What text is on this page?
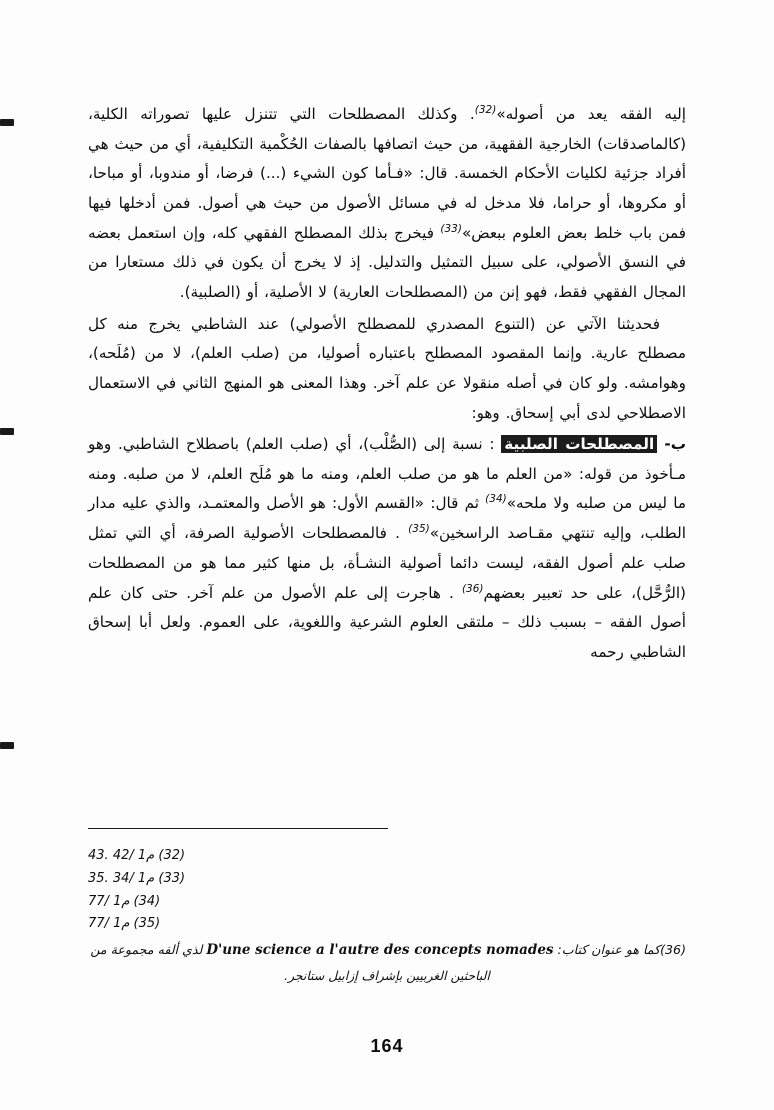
إليه الفقه يعد من أصوله»$^{(32)}$. وكذلك المصطلحات التي تتنزل عليها تصوراته الكلية، (كالماصدقات) الخارجية الفقهية، من حيث اتصافها بالصفات الحُكْمية التكليفية، أي من حيث هي أفراد جزئية لكليات الأحكام الخمسة. قال: «فـأما كون الشيء (...) فرضا، أو مندوبا، أو مباحا، أو مكروها، أو حراما، فلا مدخل له في مسائل الأصول من حيث هي أصول. فمن أدخلها فيها فمن باب خلط بعض العلوم ببعض»$^{(33)}$ فيخرج بذلك المصطلح الفقهي كله، وإن استعمل بعضه في النسق الأصولي، على سبيل التمثيل والتدليل. إذ لا يخرج أن يكون في ذلك مستعارا من المجال الفقهي فقط، فهو إنن من (المصطلحات العارية) لا الأصلية، أو (الصلبية).

فحديثنا الآتي عن (التنوع المصدري للمصطلح الأصولي) عند الشاطبي يخرج منه كل مصطلح عارية. وإنما المقصود المصطلح باعتباره أصوليا، من (صلب العلم)، لا من (مُلَحه)، وهوامشه. ولو كان في أصله منقولا عن علم آخر. وهذا المعنى هو المنهج الثاني في الاستعمال الاصطلاحي لدى أبي إسحاق. وهو:

ب- المصطلحات الصلبية : نسبة إلى (الصُّلْب)، أي (صلب العلم) باصطلاح الشاطبي. وهو مـأخوذ من قوله: «من العلم ما هو من صلب العلم، ومنه ما هو مُلَح العلم، لا من صلبه. ومنه ما ليس من صلبه ولا ملحه»$^{(34)}$ ثم قال: «القسم الأول: هو الأصل والمعتمـد، والذي عليه مدار الطلب، وإليه تنتهي مقـاصد الراسخين»$^{(35)}$ . فالمصطلحات الأصولية الصرفة، أي التي تمثل صلب علم أصول الفقه، ليست دائما أصولية النشـأة، بل منها كثير مما هو من المصطلحات (الرُّحَّل)، على حد تعبير بعضهم$^{(36)}$ . هاجرت إلى علم الأصول من علم آخر. حتى كان علم أصول الفقه – بسبب ذلك – ملتقى العلوم الشرعية واللغوية، على العموم. ولعل أبا إسحاق الشاطبي رحمه

(32) م1 /42 .43

(33) م1 /34 .35

(34) م1 /77

(35) م1 /77

(36)كما هو عنوان كتاب: D'une science a l'autre des concepts nomades لذي ألفه مجموعة من
الباحثين الغربيين بإشراف إزابيل ستانجر.

164
